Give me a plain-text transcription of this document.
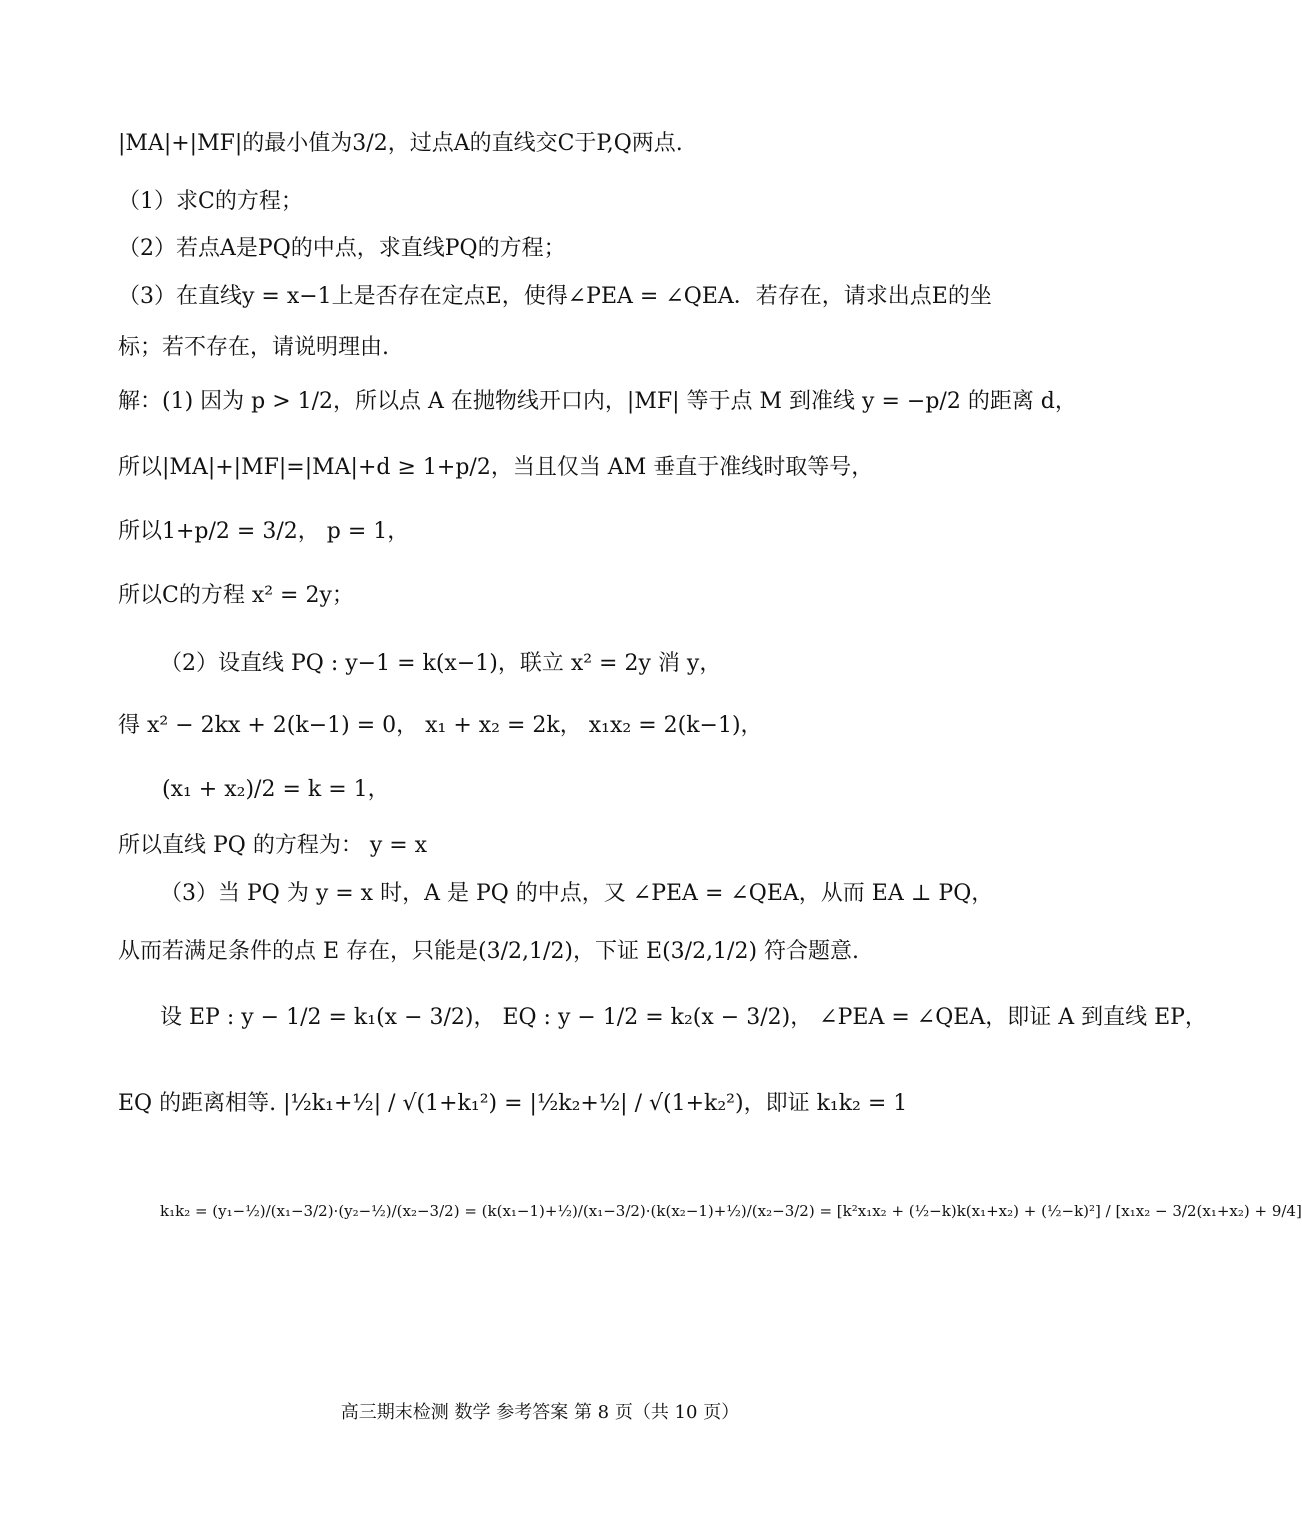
|MA|+|MF|的最小值为3/2，过点A的直线交C于P,Q两点.
（1）求C的方程；
（2）若点A是PQ的中点，求直线PQ的方程；
（3）在直线y = x−1上是否存在定点E，使得∠PEA = ∠QEA．若存在，请求出点E的坐
标；若不存在，请说明理由.
解：(1) 因为 p > 1/2，所以点 A 在抛物线开口内，|MF| 等于点 M 到准线 y = −p/2 的距离 d，
所以|MA|+|MF|=|MA|+d ≥ 1+p/2，当且仅当 AM 垂直于准线时取等号，
所以1+p/2 = 3/2， p = 1，
所以C的方程 x² = 2y；
（2）设直线 PQ : y−1 = k(x−1)，联立 x² = 2y 消 y，
得 x² − 2kx + 2(k−1) = 0， x₁ + x₂ = 2k， x₁x₂ = 2(k−1)，
(x₁ + x₂)/2 = k = 1，
所以直线 PQ 的方程为： y = x
（3）当 PQ 为 y = x 时，A 是 PQ 的中点，又 ∠PEA = ∠QEA，从而 EA ⊥ PQ，
从而若满足条件的点 E 存在，只能是(3/2,1/2)，下证 E(3/2,1/2) 符合题意.
设 EP : y − 1/2 = k₁(x − 3/2)， EQ : y − 1/2 = k₂(x − 3/2)， ∠PEA = ∠QEA，即证 A 到直线 EP，
EQ 的距离相等. |½k₁+½| / √(1+k₁²) = |½k₂+½| / √(1+k₂²)，即证 k₁k₂ = 1
k₁k₂ = (y₁−½)/(x₁−3/2)·(y₂−½)/(x₂−3/2) = (k(x₁−1)+½)/(x₁−3/2)·(k(x₂−1)+½)/(x₂−3/2) = [k²x₁x₂ + (½−k)k(x₁+x₂) + (½−k)²] / [x₁x₂ − 3/2(x₁+x₂) + 9/4]
高三期末检测 数学 参考答案 第 8 页（共 10 页）
